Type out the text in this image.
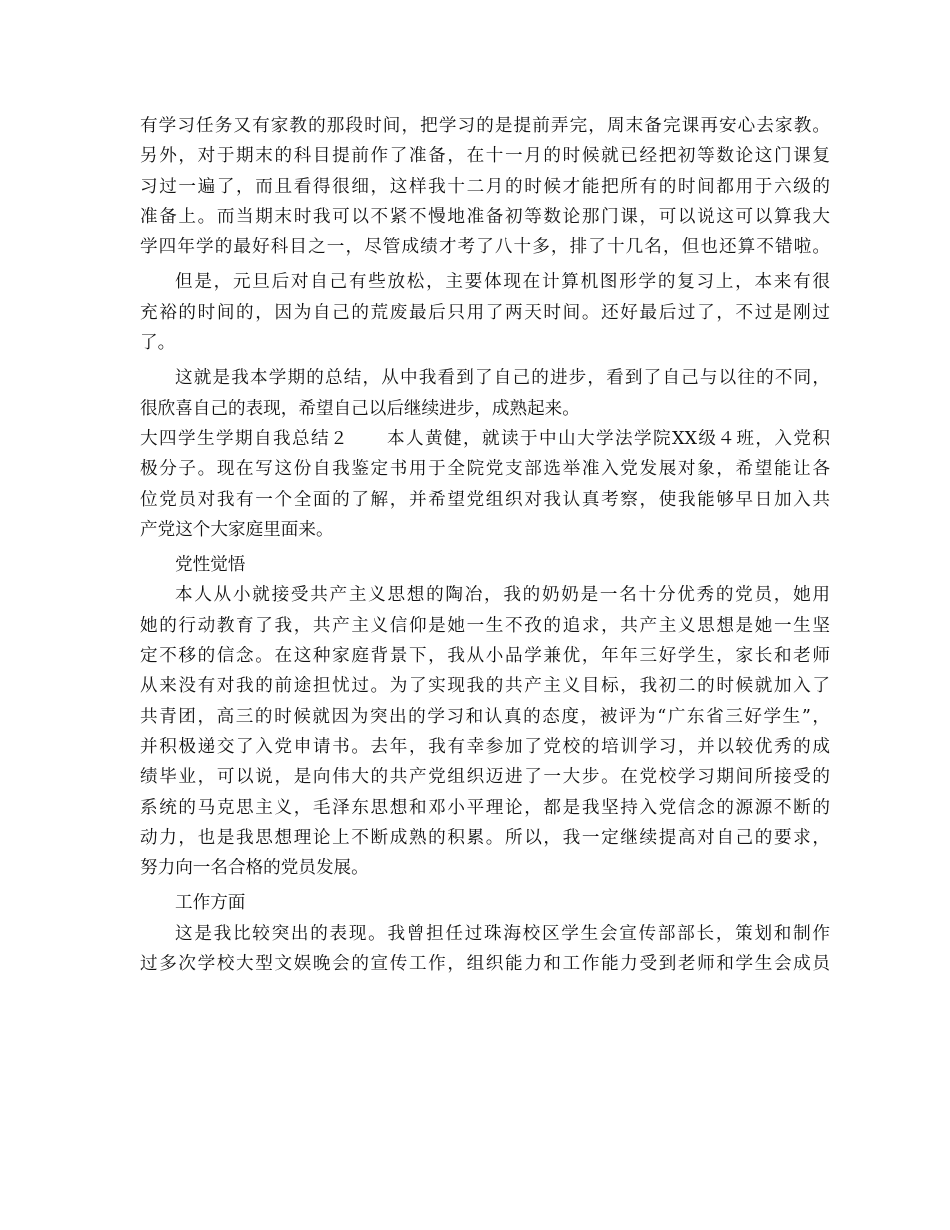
有学习任务又有家教的那段时间，把学习的是提前弄完，周末备完课再安心去家教。
另外，对于期末的科目提前作了准备，在十一月的时候就已经把初等数论这门课复
习过一遍了，而且看得很细，这样我十二月的时候才能把所有的时间都用于六级的
准备上。而当期末时我可以不紧不慢地准备初等数论那门课，可以说这可以算我大
学四年学的最好科目之一，尽管成绩才考了八十多，排了十几名，但也还算不错啦。
但是，元旦后对自己有些放松，主要体现在计算机图形学的复习上，本来有很
充裕的时间的，因为自己的荒废最后只用了两天时间。还好最后过了，不过是刚过
了。
这就是我本学期的总结，从中我看到了自己的进步，看到了自己与以往的不同，
很欣喜自己的表现，希望自己以后继续进步，成熟起来。
大四学生学期自我总结２　　本人黄健，就读于中山大学法学院XX级４班，入党积
极分子。现在写这份自我鉴定书用于全院党支部选举准入党发展对象，希望能让各
位党员对我有一个全面的了解，并希望党组织对我认真考察，使我能够早日加入共
产党这个大家庭里面来。
党性觉悟
本人从小就接受共产主义思想的陶冶，我的奶奶是一名十分优秀的党员，她用
她的行动教育了我，共产主义信仰是她一生不孜的追求，共产主义思想是她一生坚
定不移的信念。在这种家庭背景下，我从小品学兼优，年年三好学生，家长和老师
从来没有对我的前途担忧过。为了实现我的共产主义目标，我初二的时候就加入了
共青团，高三的时候就因为突出的学习和认真的态度，被评为“广东省三好学生”，
并积极递交了入党申请书。去年，我有幸参加了党校的培训学习，并以较优秀的成
绩毕业，可以说，是向伟大的共产党组织迈进了一大步。在党校学习期间所接受的
系统的马克思主义，毛泽东思想和邓小平理论，都是我坚持入党信念的源源不断的
动力，也是我思想理论上不断成熟的积累。所以，我一定继续提高对自己的要求，
努力向一名合格的党员发展。
工作方面
这是我比较突出的表现。我曾担任过珠海校区学生会宣传部部长，策划和制作
过多次学校大型文娱晚会的宣传工作，组织能力和工作能力受到老师和学生会成员
